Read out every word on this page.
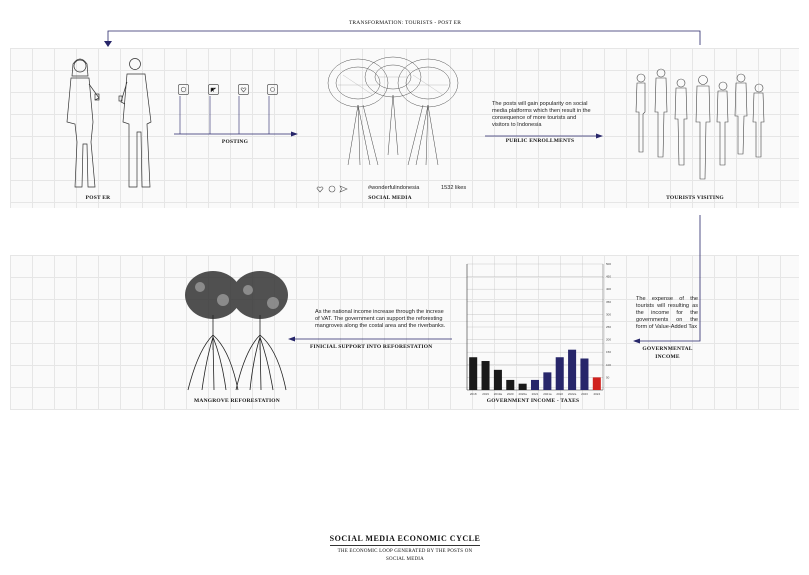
TRANSFORMATION: TOURISTS - POST ER
POST ER
POSTING
#wonderfulindonesia	1532 likes
SOCIAL MEDIA
The posts will gain popularity on social media platforms which then result in the consequence of more tourists and visitors to Indonesia
PUBLIC ENROLLMENTS
TOURISTS VISITING
The expense of the tourists will resulting as the income for the governments on the form of Value-Added Tax
GOVERNMENTAL INCOME
500
450
400
350
300
250
200
150
100
50
2018 2019 2019a 2020 2020a 2021 2021a 2022 2022a 2023 2024
GOVERNMENT INCOME - TAXES
As the national income increase through the increse of VAT. The government can support the reforesting mangroves along the costal area and the riverbanks.
FINICIAL SUPPORT INTO REFORESTATION
MANGROVE REFORESTATION
SOCIAL MEDIA ECONOMIC CYCLE
THE ECONOMIC LOOP GENERATED BY THE POSTS ON SOCIAL MEDIA
